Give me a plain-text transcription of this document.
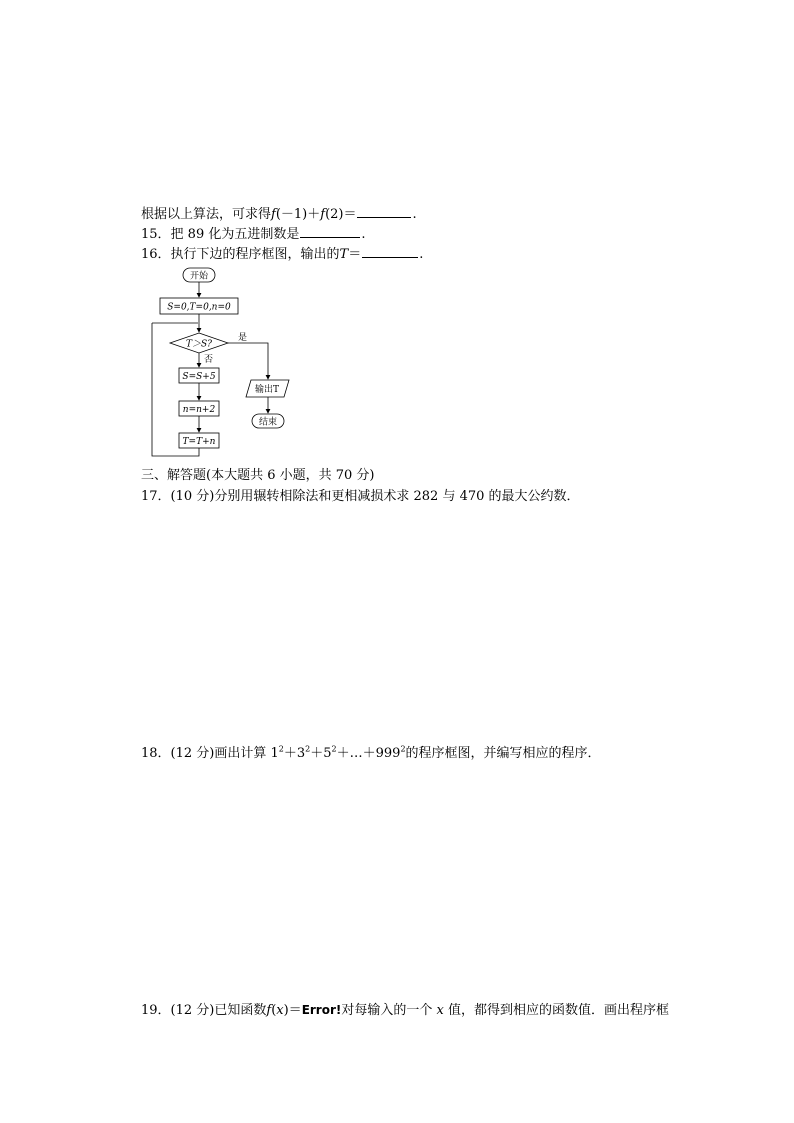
根据以上算法，可求得f(－1)＋f(2)＝	.
15．把 89 化为五进制数是	.
16．执行下边的程序框图，输出的T＝	.
开始
S=0,T=0,n=0
T＞S?
是
否
S=S+5
n=n+2
T=T+n
输出T
结束
三、解答题(本大题共 6 小题，共 70 分)
17．(10 分)分别用辗转相除法和更相减损术求 282 与 470 的最大公约数．
18．(12 分)画出计算 $1^2+3^2+5^2+\dots+999^2$的程序框图，并编写相应的程序．
19．(12 分)已知函数f(x)＝Error!对每输入的一个 x 值，都得到相应的函数值．画出程序框
